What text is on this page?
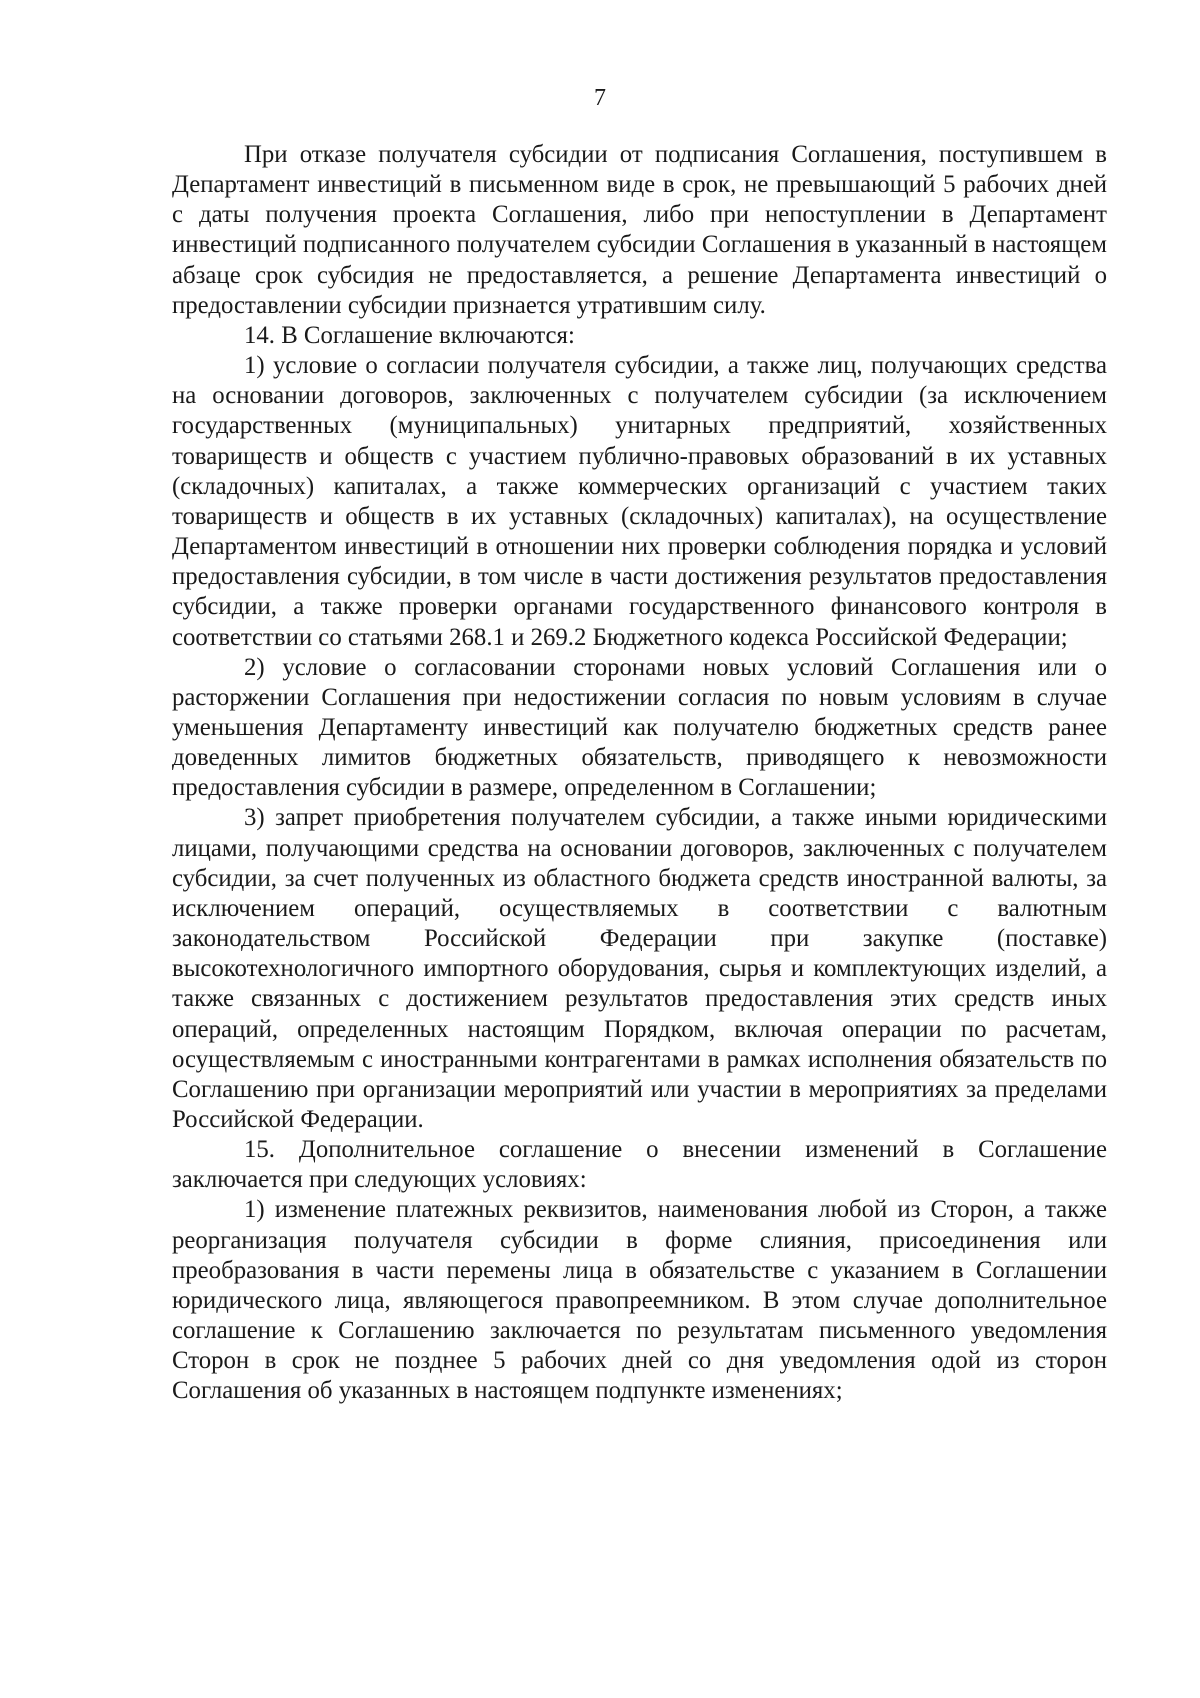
7

При отказе получателя субсидии от подписания Соглашения, поступившем в Департамент инвестиций в письменном виде в срок, не превышающий 5 рабочих дней с даты получения проекта Соглашения, либо при непоступлении в Департамент инвестиций подписанного получателем субсидии Соглашения в указанный в настоящем абзаце срок субсидия не предоставляется, а решение Департамента инвестиций о предоставлении субсидии признается утратившим силу.

14. В Соглашение включаются:

1) условие о согласии получателя субсидии, а также лиц, получающих средства на основании договоров, заключенных с получателем субсидии (за исключением государственных (муниципальных) унитарных предприятий, хозяйственных товариществ и обществ с участием публично-правовых образований в их уставных (складочных) капиталах, а также коммерческих организаций с участием таких товариществ и обществ в их уставных (складочных) капиталах), на осуществление Департаментом инвестиций в отношении них проверки соблюдения порядка и условий предоставления субсидии, в том числе в части достижения результатов предоставления субсидии, а также проверки органами государственного финансового контроля в соответствии со статьями 268.1 и 269.2 Бюджетного кодекса Российской Федерации;

2) условие о согласовании сторонами новых условий Соглашения или о расторжении Соглашения при недостижении согласия по новым условиям в случае уменьшения Департаменту инвестиций как получателю бюджетных средств ранее доведенных лимитов бюджетных обязательств, приводящего к невозможности предоставления субсидии в размере, определенном в Соглашении;

3) запрет приобретения получателем субсидии, а также иными юридическими лицами, получающими средства на основании договоров, заключенных с получателем субсидии, за счет полученных из областного бюджета средств иностранной валюты, за исключением операций, осуществляемых в соответствии с валютным законодательством Российской Федерации при закупке (поставке) высокотехнологичного импортного оборудования, сырья и комплектующих изделий, а также связанных с достижением результатов предоставления этих средств иных операций, определенных настоящим Порядком, включая операции по расчетам, осуществляемым с иностранными контрагентами в рамках исполнения обязательств по Соглашению при организации мероприятий или участии в мероприятиях за пределами Российской Федерации.

15. Дополнительное соглашение о внесении изменений в Соглашение заключается при следующих условиях:

1) изменение платежных реквизитов, наименования любой из Сторон, а также реорганизация получателя субсидии в форме слияния, присоединения или преобразования в части перемены лица в обязательстве с указанием в Соглашении юридического лица, являющегося правопреемником. В этом случае дополнительное соглашение к Соглашению заключается по результатам письменного уведомления Сторон в срок не позднее 5 рабочих дней со дня уведомления одой из сторон Соглашения об указанных в настоящем подпункте изменениях;
